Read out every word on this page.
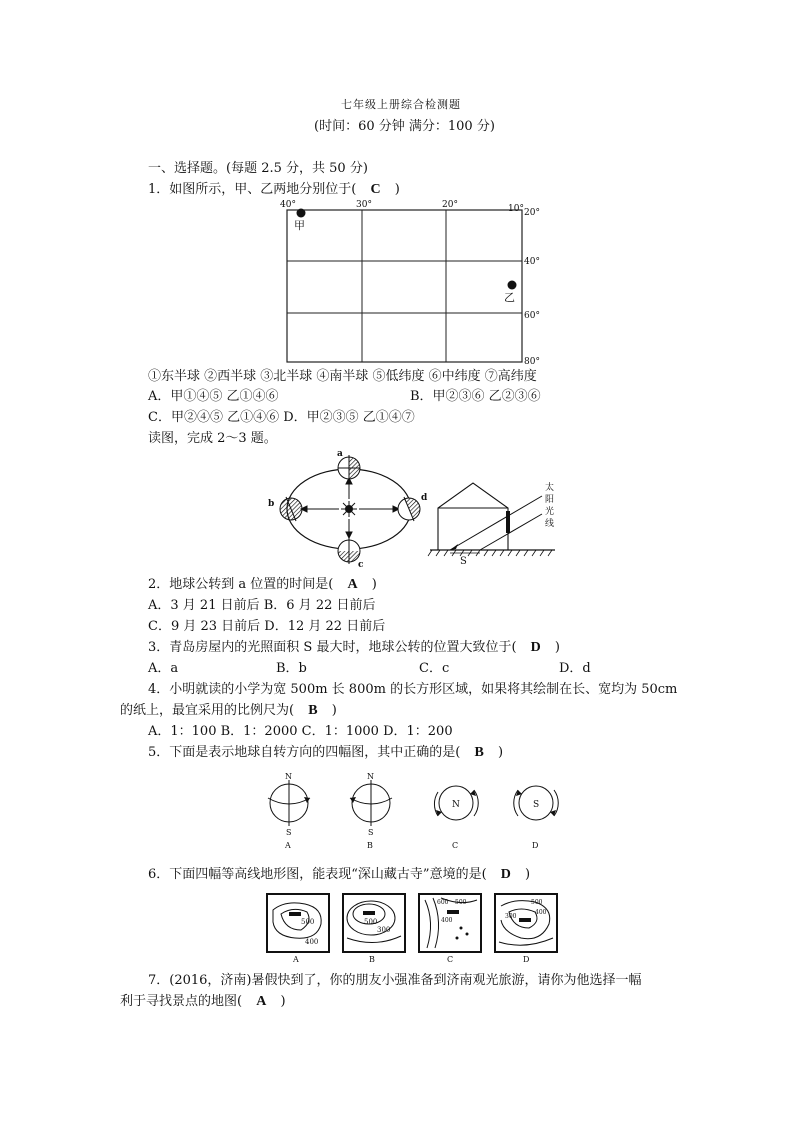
七年级上册综合检测题
(时间：60 分钟 满分：100 分)
一、选择题。(每题 2.5 分，共 50 分)
1．如图所示，甲、乙两地分别位于( C )
40°	30°	20°	10° 20°
40°
60°
80°
甲
乙
①东半球 ②西半球 ③北半球 ④南半球 ⑤低纬度 ⑥中纬度 ⑦高纬度
A．甲①④⑤ 乙①④⑥	B．甲②③⑥ 乙②③⑥
C．甲②④⑤ 乙①④⑥ D．甲②③⑤ 乙①④⑦
读图，完成 2～3 题。
a
b
c
d
S
太
阳
光
线
2．地球公转到 a 位置的时间是( A )
A．3 月 21 日前后 B．6 月 22 日前后
C．9 月 23 日前后 D．12 月 22 日前后
3．青岛房屋内的光照面积 S 最大时，地球公转的位置大致位于( D )
A．a	B．b	C．c	D．d
4．小明就读的小学为宽 500m 长 800m 的长方形区域，如果将其绘制在长、宽均为 50cm
的纸上，最宜采用的比例尺为( B )
A．1：100 B．1：2000 C．1：1000 D．1：200
5．下面是表示地球自转方向的四幅图，其中正确的是( B )
N
S
A
N
S
B
N
C
S
D
6．下面四幅等高线地形图，能表现“深山藏古寺”意境的是( D )
500
400
A
500
300
B
600 500
400
C
500
400
300
D
7．(2016，济南)暑假快到了，你的朋友小强准备到济南观光旅游，请你为他选择一幅
利于寻找景点的地图( A )
